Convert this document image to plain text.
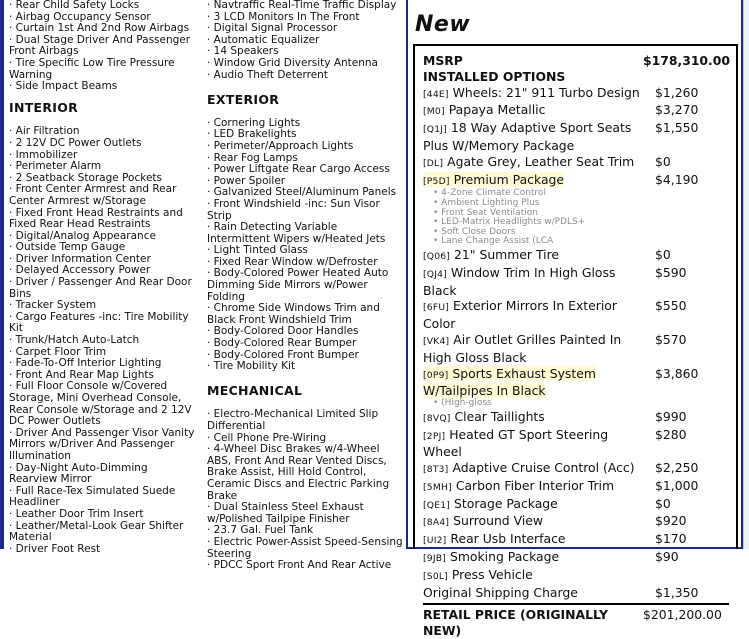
· Rear Child Safety Locks
· Airbag Occupancy Sensor
· Curtain 1st And 2nd Row Airbags
· Dual Stage Driver And Passenger Front Airbags
· Tire Specific Low Tire Pressure Warning
· Side Impact Beams
INTERIOR
· Air Filtration
· 2 12V DC Power Outlets
· Immobilizer
· Perimeter Alarm
· 2 Seatback Storage Pockets
· Front Center Armrest and Rear Center Armrest w/Storage
· Fixed Front Head Restraints and Fixed Rear Head Restraints
· Digital/Analog Appearance
· Outside Temp Gauge
· Driver Information Center
· Delayed Accessory Power
· Driver / Passenger And Rear Door Bins
· Tracker System
· Cargo Features -inc: Tire Mobility Kit
· Trunk/Hatch Auto-Latch
· Carpet Floor Trim
· Fade-To-Off Interior Lighting
· Front And Rear Map Lights
· Full Floor Console w/Covered Storage, Mini Overhead Console, Rear Console w/Storage and 2 12V DC Power Outlets
· Driver And Passenger Visor Vanity Mirrors w/Driver And Passenger Illumination
· Day-Night Auto-Dimming Rearview Mirror
· Full Race-Tex Simulated Suede Headliner
· Leather Door Trim Insert
· Leather/Metal-Look Gear Shifter Material
· Driver Foot Rest
· Navtraffic Real-Time Traffic Display
· 3 LCD Monitors In The Front
· Digital Signal Processor
· Automatic Equalizer
· 14 Speakers
· Window Grid Diversity Antenna
· Audio Theft Deterrent
EXTERIOR
· Cornering Lights
· LED Brakelights
· Perimeter/Approach Lights
· Rear Fog Lamps
· Power Liftgate Rear Cargo Access
· Power Spoiler
· Galvanized Steel/Aluminum Panels
· Front Windshield -inc: Sun Visor Strip
· Rain Detecting Variable Intermittent Wipers w/Heated Jets
· Light Tinted Glass
· Fixed Rear Window w/Defroster
· Body-Colored Power Heated Auto Dimming Side Mirrors w/Power Folding
· Chrome Side Windows Trim and Black Front Windshield Trim
· Body-Colored Door Handles
· Body-Colored Rear Bumper
· Body-Colored Front Bumper
· Tire Mobility Kit
MECHANICAL
· Electro-Mechanical Limited Slip Differential
· Cell Phone Pre-Wiring
· 4-Wheel Disc Brakes w/4-Wheel ABS, Front And Rear Vented Discs, Brake Assist, Hill Hold Control, Ceramic Discs and Electric Parking Brake
· Dual Stainless Steel Exhaust w/Polished Tailpipe Finisher
· 23.7 Gal. Fuel Tank
· Electric Power-Assist Speed-Sensing Steering
· PDCC Sport Front And Rear Active
New
MSRP	$178,310.00
INSTALLED OPTIONS
[44E] Wheels: 21" 911 Turbo Design	$1,260
[M0] Papaya Metallic	$3,270
[Q1J] 18 Way Adaptive Sport Seats Plus W/Memory Package
$1,550
[DL] Agate Grey, Leather Seat Trim	$0
[P5D] Premium Package	$4,190
• 4-Zone Climate Control
• Ambient Lighting Plus
• Front Seat Ventilation
• LED-Matrix Headlights w/PDLS+
• Soft Close Doors
• Lane Change Assist (LCA
[Q06] 21" Summer Tire	$0
[QJ4] Window Trim In High Gloss Black
$590
[6FU] Exterior Mirrors In Exterior Color
$550
[VK4] Air Outlet Grilles Painted In High Gloss Black
$570
[0P9] Sports Exhaust System W/Tailpipes In Black
$3,860
• (High-gloss
[8VQ] Clear Taillights	$990
[2PJ] Heated GT Sport Steering Wheel
$280
[8T3] Adaptive Cruise Control (Acc)	$2,250
[5MH] Carbon Fiber Interior Trim	$1,000
[QE1] Storage Package	$0
[8A4] Surround View	$920
[UI2] Rear Usb Interface	$170
[9JB] Smoking Package	$90
[S0L] Press Vehicle
Original Shipping Charge	$1,350
RETAIL PRICE (ORIGINALLY NEW)
$201,200.00
